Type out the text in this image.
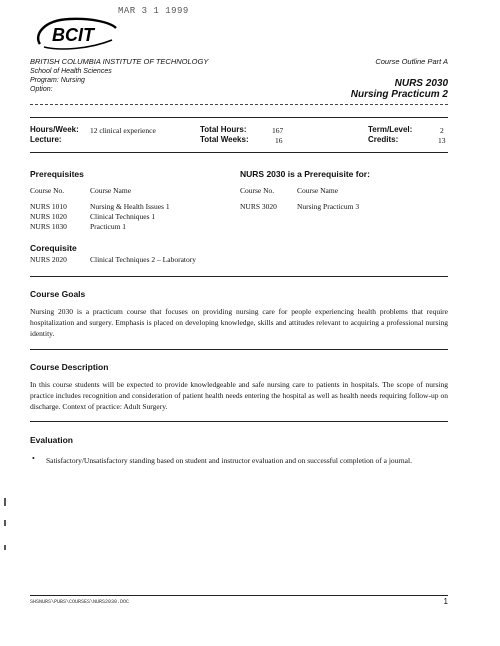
MAR 3 1 1999
BCIT
BRITISH COLUMBIA INSTITUTE OF TECHNOLOGY
School of Health Sciences
Program: Nursing
Option:
Course Outline Part A
NURS 2030
Nursing Practicum 2
Hours/Week: 12 clinical experience
Lecture:
Total Hours:	167
Total Weeks:	16
Term/Level:	2
Credits:	13
Prerequisites
Course No.	Course Name
NURS 1010	Nursing & Health Issues 1
NURS 1020	Clinical Techniques 1
NURS 1030	Practicum 1
NURS 2030 is a Prerequisite for:
Course No.	Course Name
NURS 3020	Nursing Practicum 3
Corequisite
NURS 2020	Clinical Techniques 2 – Laboratory
Course Goals
Nursing 2030 is a practicum course that focuses on providing nursing care for people experiencing health problems that require hospitalization and surgery. Emphasis is placed on developing knowledge, skills and attitudes relevant to acquiring a professional nursing identity.
Course Description
In this course students will be expected to provide knowledgeable and safe nursing care to patients in hospitals. The scope of nursing practice includes recognition and consideration of patient health needs entering the hospital as well as health needs requiring follow-up on discharge. Context of practice: Adult Surgery.
Evaluation
• Satisfactory/Unsatisfactory standing based on student and instructor evaluation and on successful completion of a journal.
SHSNURS\PUBS\COURSES\NURS2030.DOC	1
